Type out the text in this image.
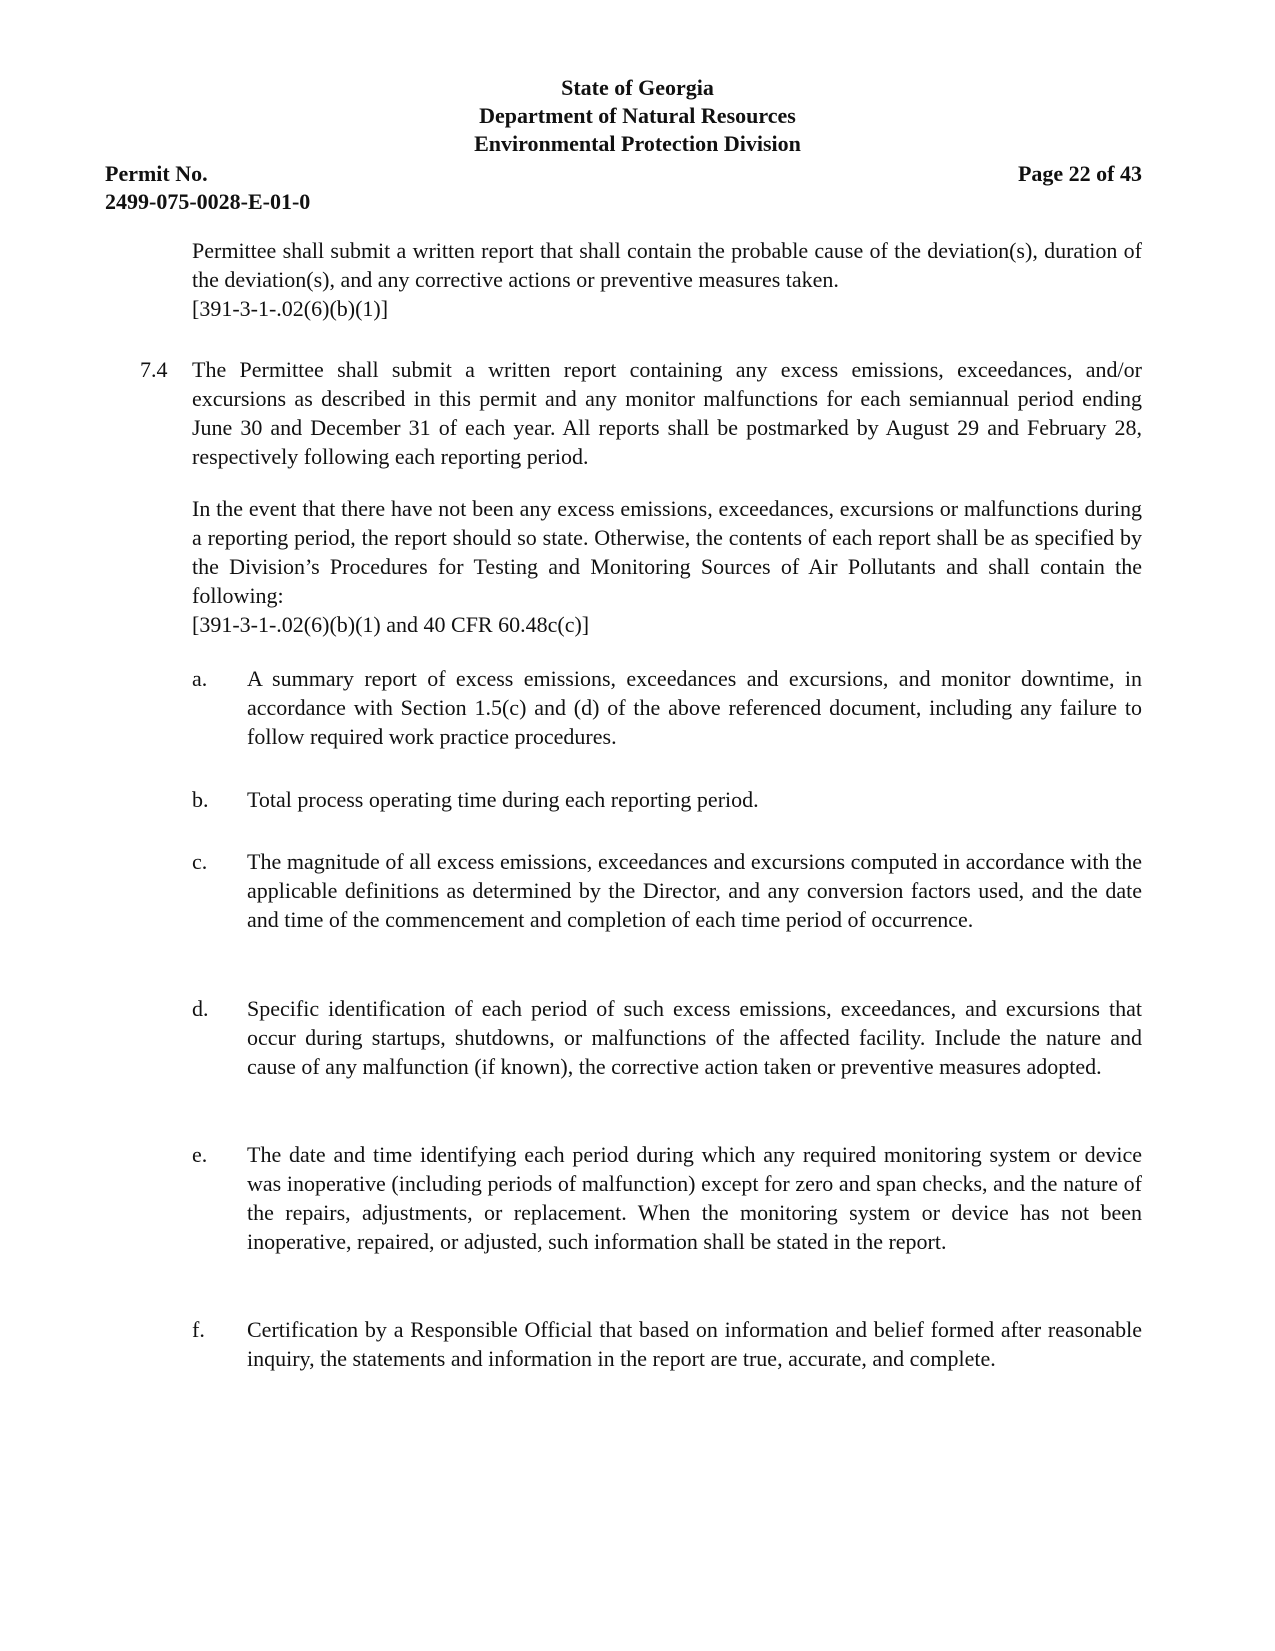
State of Georgia
Department of Natural Resources
Environmental Protection Division
Permit No.
2499-075-0028-E-01-0
Page 22 of 43
Permittee shall submit a written report that shall contain the probable cause of the deviation(s), duration of the deviation(s), and any corrective actions or preventive measures taken.
[391-3-1-.02(6)(b)(1)]
7.4 The Permittee shall submit a written report containing any excess emissions, exceedances, and/or excursions as described in this permit and any monitor malfunctions for each semiannual period ending June 30 and December 31 of each year. All reports shall be postmarked by August 29 and February 28, respectively following each reporting period.
In the event that there have not been any excess emissions, exceedances, excursions or malfunctions during a reporting period, the report should so state. Otherwise, the contents of each report shall be as specified by the Division’s Procedures for Testing and Monitoring Sources of Air Pollutants and shall contain the following:
[391-3-1-.02(6)(b)(1) and 40 CFR 60.48c(c)]
a. A summary report of excess emissions, exceedances and excursions, and monitor downtime, in accordance with Section 1.5(c) and (d) of the above referenced document, including any failure to follow required work practice procedures.
b. Total process operating time during each reporting period.
c. The magnitude of all excess emissions, exceedances and excursions computed in accordance with the applicable definitions as determined by the Director, and any conversion factors used, and the date and time of the commencement and completion of each time period of occurrence.
d. Specific identification of each period of such excess emissions, exceedances, and excursions that occur during startups, shutdowns, or malfunctions of the affected facility. Include the nature and cause of any malfunction (if known), the corrective action taken or preventive measures adopted.
e. The date and time identifying each period during which any required monitoring system or device was inoperative (including periods of malfunction) except for zero and span checks, and the nature of the repairs, adjustments, or replacement. When the monitoring system or device has not been inoperative, repaired, or adjusted, such information shall be stated in the report.
f. Certification by a Responsible Official that based on information and belief formed after reasonable inquiry, the statements and information in the report are true, accurate, and complete.
